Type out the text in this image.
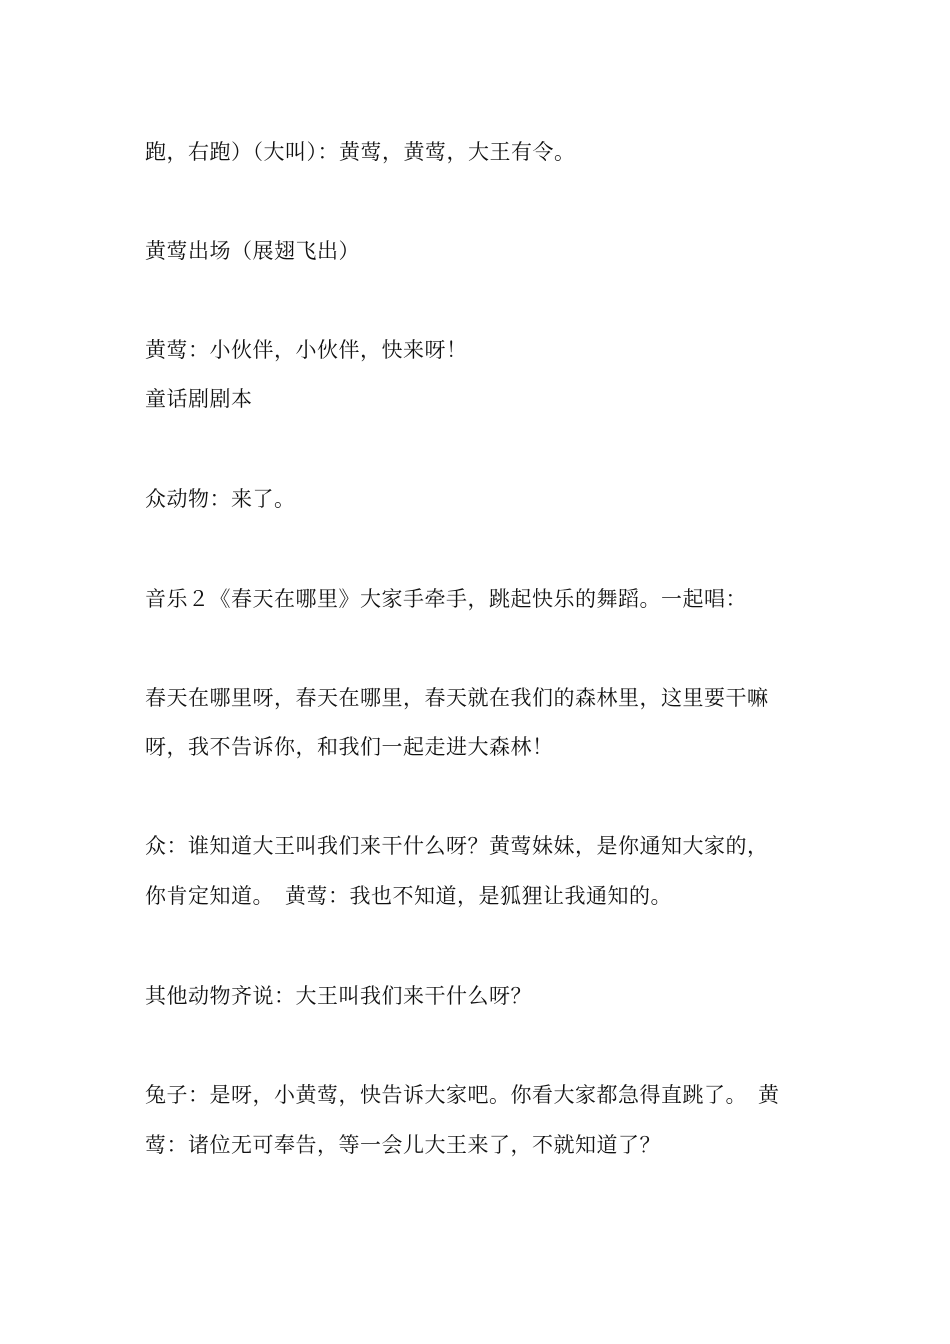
跑，右跑）（大叫）：黄莺，黄莺，大王有令。
黄莺出场（展翅飞出）
黄莺：小伙伴，小伙伴，快来呀！
童话剧剧本
众动物：来了。
音乐２《春天在哪里》大家手牵手，跳起快乐的舞蹈。一起唱：
春天在哪里呀，春天在哪里，春天就在我们的森林里，这里要干嘛
呀，我不告诉你，和我们一起走进大森林！
众：谁知道大王叫我们来干什么呀？黄莺妹妹，是你通知大家的，
你肯定知道。　黄莺：我也不知道，是狐狸让我通知的。
其他动物齐说：大王叫我们来干什么呀？
兔子：是呀，小黄莺，快告诉大家吧。你看大家都急得直跳了。　黄
莺：诸位无可奉告，等一会儿大王来了，不就知道了？
